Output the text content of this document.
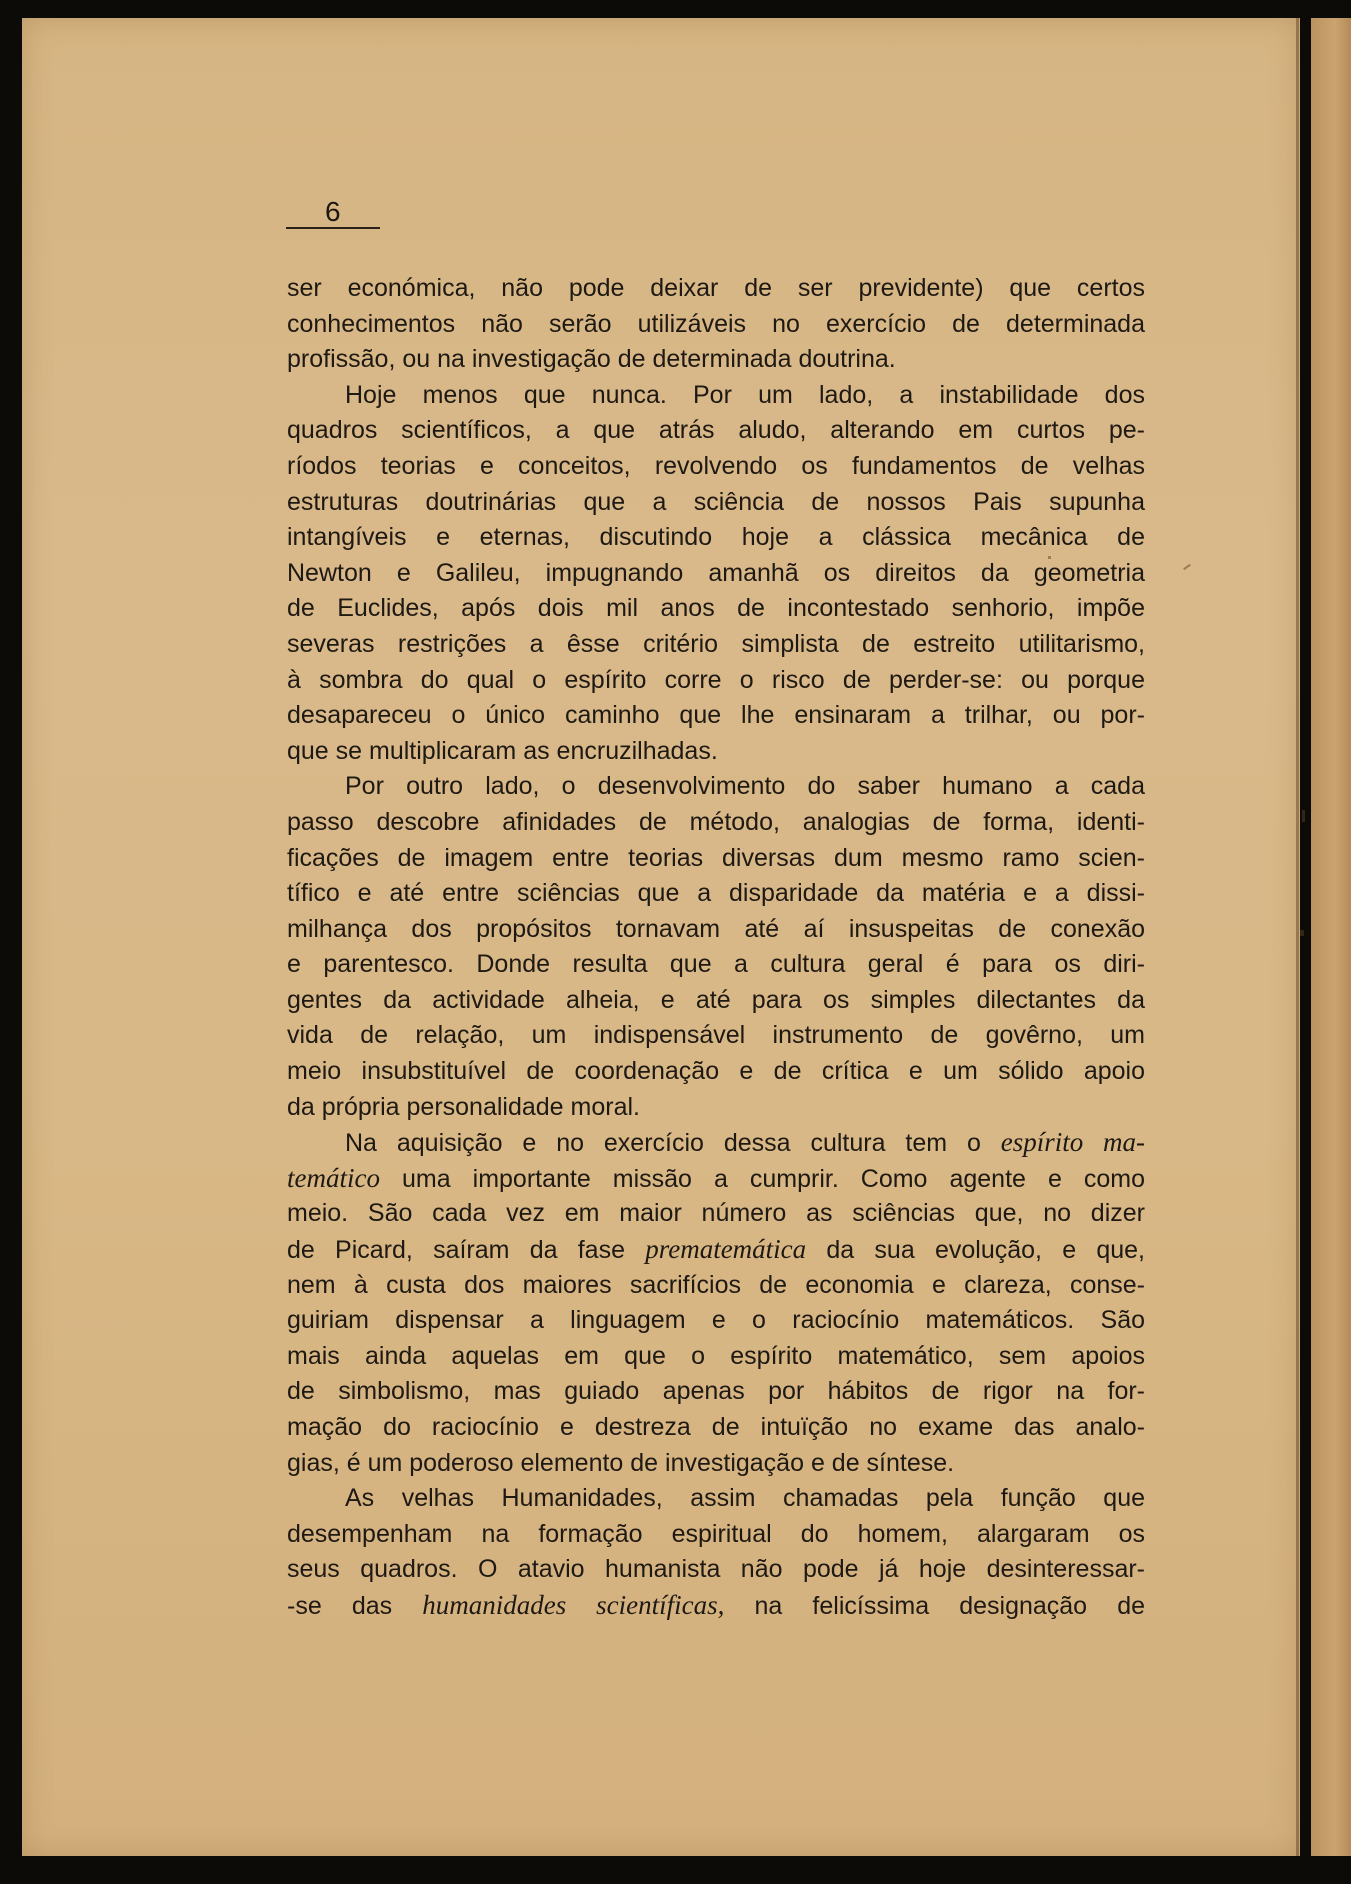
6
ser económica, não pode deixar de ser previdente) que certos
conhecimentos não serão utilizáveis no exercício de determinada
profissão, ou na investigação de determinada doutrina.
Hoje menos que nunca. Por um lado, a instabilidade dos
quadros scientíficos, a que atrás aludo, alterando em curtos pe-
ríodos teorias e conceitos, revolvendo os fundamentos de velhas
estruturas doutrinárias que a sciência de nossos Pais supunha
intangíveis e eternas, discutindo hoje a clássica mecânica de
Newton e Galileu, impugnando amanhã os direitos da geometria
de Euclides, após dois mil anos de incontestado senhorio, impõe
severas restrições a êsse critério simplista de estreito utilitarismo,
à sombra do qual o espírito corre o risco de perder-se: ou porque
desapareceu o único caminho que lhe ensinaram a trilhar, ou por-
que se multiplicaram as encruzilhadas.
Por outro lado, o desenvolvimento do saber humano a cada
passo descobre afinidades de método, analogias de forma, identi-
ficações de imagem entre teorias diversas dum mesmo ramo scien-
tífico e até entre sciências que a disparidade da matéria e a dissi-
milhança dos propósitos tornavam até aí insuspeitas de conexão
e parentesco. Donde resulta que a cultura geral é para os diri-
gentes da actividade alheia, e até para os simples dilectantes da
vida de relação, um indispensável instrumento de govêrno, um
meio insubstituível de coordenação e de crítica e um sólido apoio
da própria personalidade moral.
Na aquisição e no exercício dessa cultura tem o espírito ma-
temático uma importante missão a cumprir. Como agente e como
meio. São cada vez em maior número as sciências que, no dizer
de Picard, saíram da fase prematemática da sua evolução, e que,
nem à custa dos maiores sacrifícios de economia e clareza, conse-
guiriam dispensar a linguagem e o raciocínio matemáticos. São
mais ainda aquelas em que o espírito matemático, sem apoios
de simbolismo, mas guiado apenas por hábitos de rigor na for-
mação do raciocínio e destreza de intuïção no exame das analo-
gias, é um poderoso elemento de investigação e de síntese.
As velhas Humanidades, assim chamadas pela função que
desempenham na formação espiritual do homem, alargaram os
seus quadros. O atavio humanista não pode já hoje desinteressar-
-se das humanidades scientíficas, na felicíssima designação de
